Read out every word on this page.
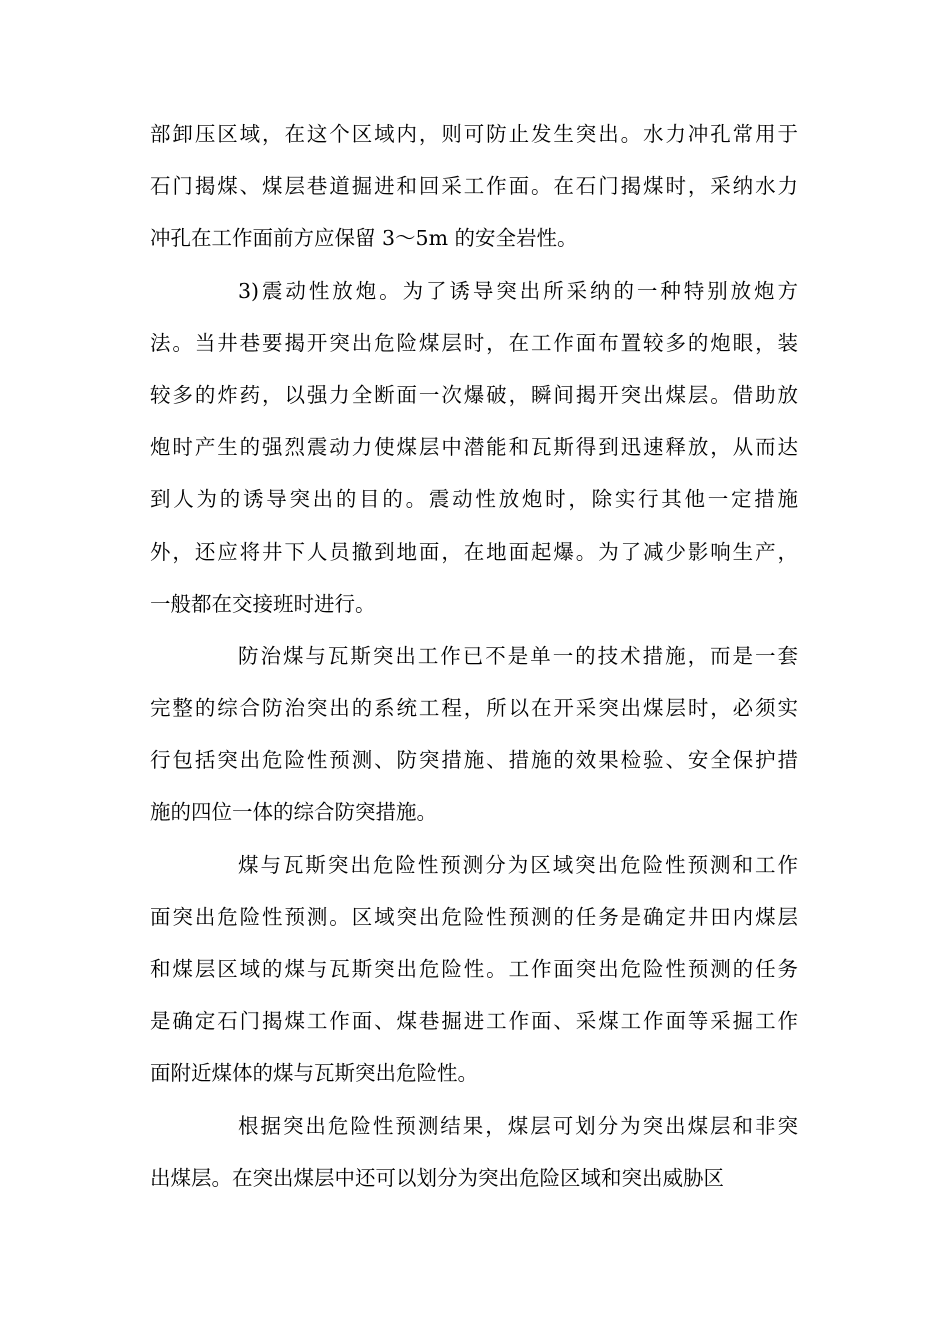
部卸压区域，在这个区域内，则可防止发生突出。水力冲孔常用于
石门揭煤、煤层巷道掘进和回采工作面。在石门揭煤时，采纳水力
冲孔在工作面前方应保留 3～5m 的安全岩性。
3)震动性放炮。为了诱导突出所采纳的一种特别放炮方
法。当井巷要揭开突出危险煤层时，在工作面布置较多的炮眼，装
较多的炸药，以强力全断面一次爆破，瞬间揭开突出煤层。借助放
炮时产生的强烈震动力使煤层中潜能和瓦斯得到迅速释放，从而达
到人为的诱导突出的目的。震动性放炮时，除实行其他一定措施
外，还应将井下人员撤到地面，在地面起爆。为了减少影响生产，
一般都在交接班时进行。
防治煤与瓦斯突出工作已不是单一的技术措施，而是一套
完整的综合防治突出的系统工程，所以在开采突出煤层时，必须实
行包括突出危险性预测、防突措施、措施的效果检验、安全保护措
施的四位一体的综合防突措施。
煤与瓦斯突出危险性预测分为区域突出危险性预测和工作
面突出危险性预测。区域突出危险性预测的任务是确定井田内煤层
和煤层区域的煤与瓦斯突出危险性。工作面突出危险性预测的任务
是确定石门揭煤工作面、煤巷掘进工作面、采煤工作面等采掘工作
面附近煤体的煤与瓦斯突出危险性。
根据突出危险性预测结果，煤层可划分为突出煤层和非突
出煤层。在突出煤层中还可以划分为突出危险区域和突出威胁区
